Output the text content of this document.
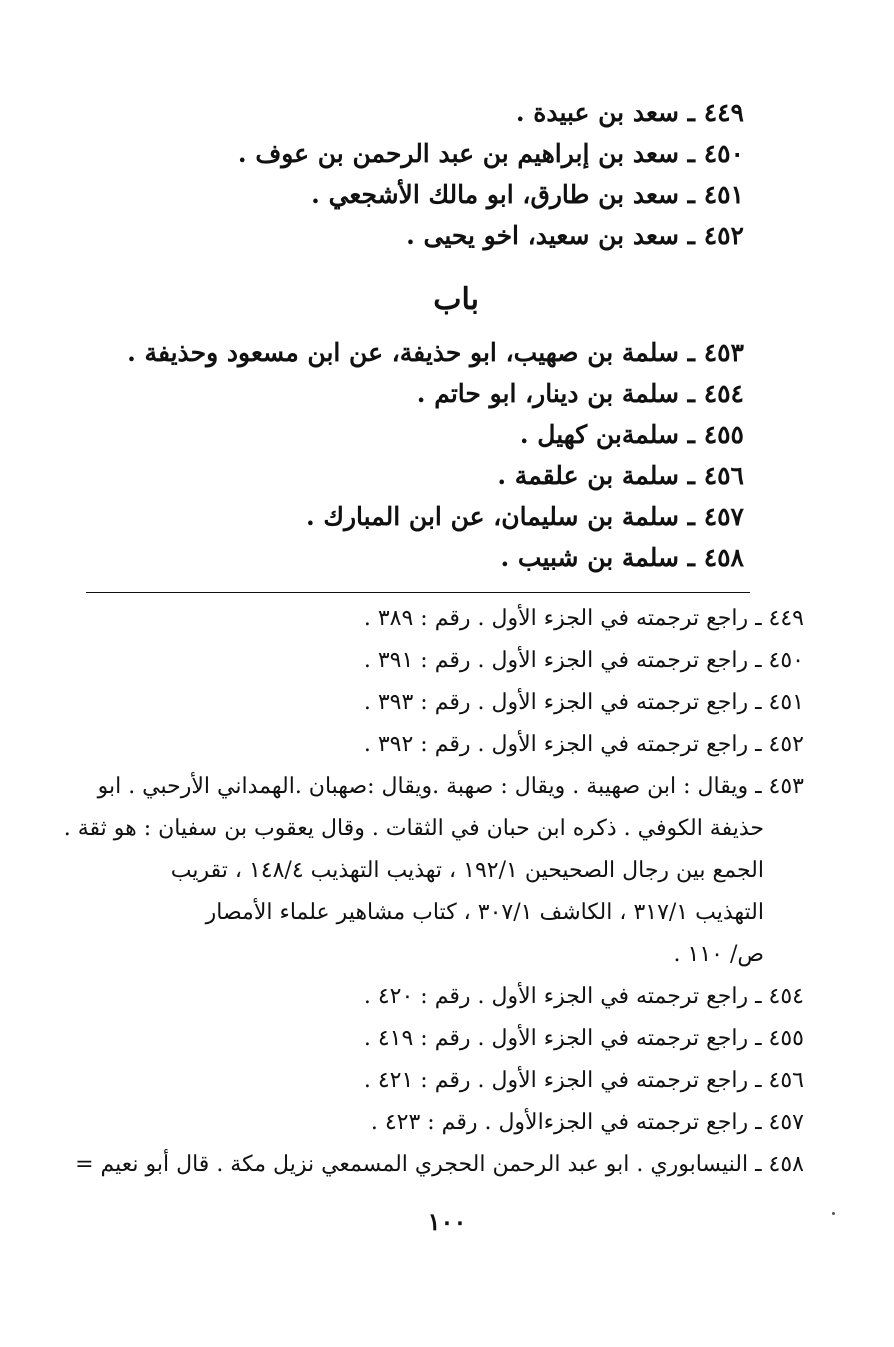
٤٤٩ ـ سعد بن عبيدة .
٤٥٠ ـ سعد بن إبراهيم بن عبد الرحمن بن عوف .
٤٥١ ـ سعد بن طارق، ابو مالك الأشجعي .
٤٥٢ ـ سعد بن سعيد، اخو يحيى .
باب
٤٥٣ ـ سلمة بن صهيب، ابو حذيفة، عن ابن مسعود وحذيفة .
٤٥٤ ـ سلمة بن دينار، ابو حاتم .
٤٥٥ ـ سلمةبن كهيل .
٤٥٦ ـ سلمة بن علقمة .
٤٥٧ ـ سلمة بن سليمان، عن ابن المبارك .
٤٥٨ ـ سلمة بن شبيب .
٤٤٩ ـ راجع ترجمته في الجزء الأول . رقم : ٣٨٩ .
٤٥٠ ـ راجع ترجمته في الجزء الأول . رقم : ٣٩١ .
٤٥١ ـ راجع ترجمته في الجزء الأول . رقم : ٣٩٣ .
٤٥٢ ـ راجع ترجمته في الجزء الأول . رقم : ٣٩٢ .
٤٥٣ ـ ويقال : ابن صهيبة . ويقال : صهبة .ويقال :صهبان .الهمداني الأرحبي . ابو
حذيفة الكوفي . ذكره ابن حبان في الثقات . وقال يعقوب بن سفيان : هو ثقة .
الجمع بين رجال الصحيحين ١٩٢/١ ، تهذيب التهذيب ١٤٨/٤ ، تقريب
التهذيب ٣١٧/١ ، الكاشف ٣٠٧/١ ، كتاب مشاهير علماء الأمصار
ص/ ١١٠ .
٤٥٤ ـ راجع ترجمته في الجزء الأول . رقم : ٤٢٠ .
٤٥٥ ـ راجع ترجمته في الجزء الأول . رقم : ٤١٩ .
٤٥٦ ـ راجع ترجمته في الجزء الأول . رقم : ٤٢١ .
٤٥٧ ـ راجع ترجمته في الجزءالأول . رقم : ٤٢٣ .
٤٥٨ ـ النيسابوري . ابو عبد الرحمن الحجري المسمعي نزيل مكة . قال أبو نعيم =
١٠٠
